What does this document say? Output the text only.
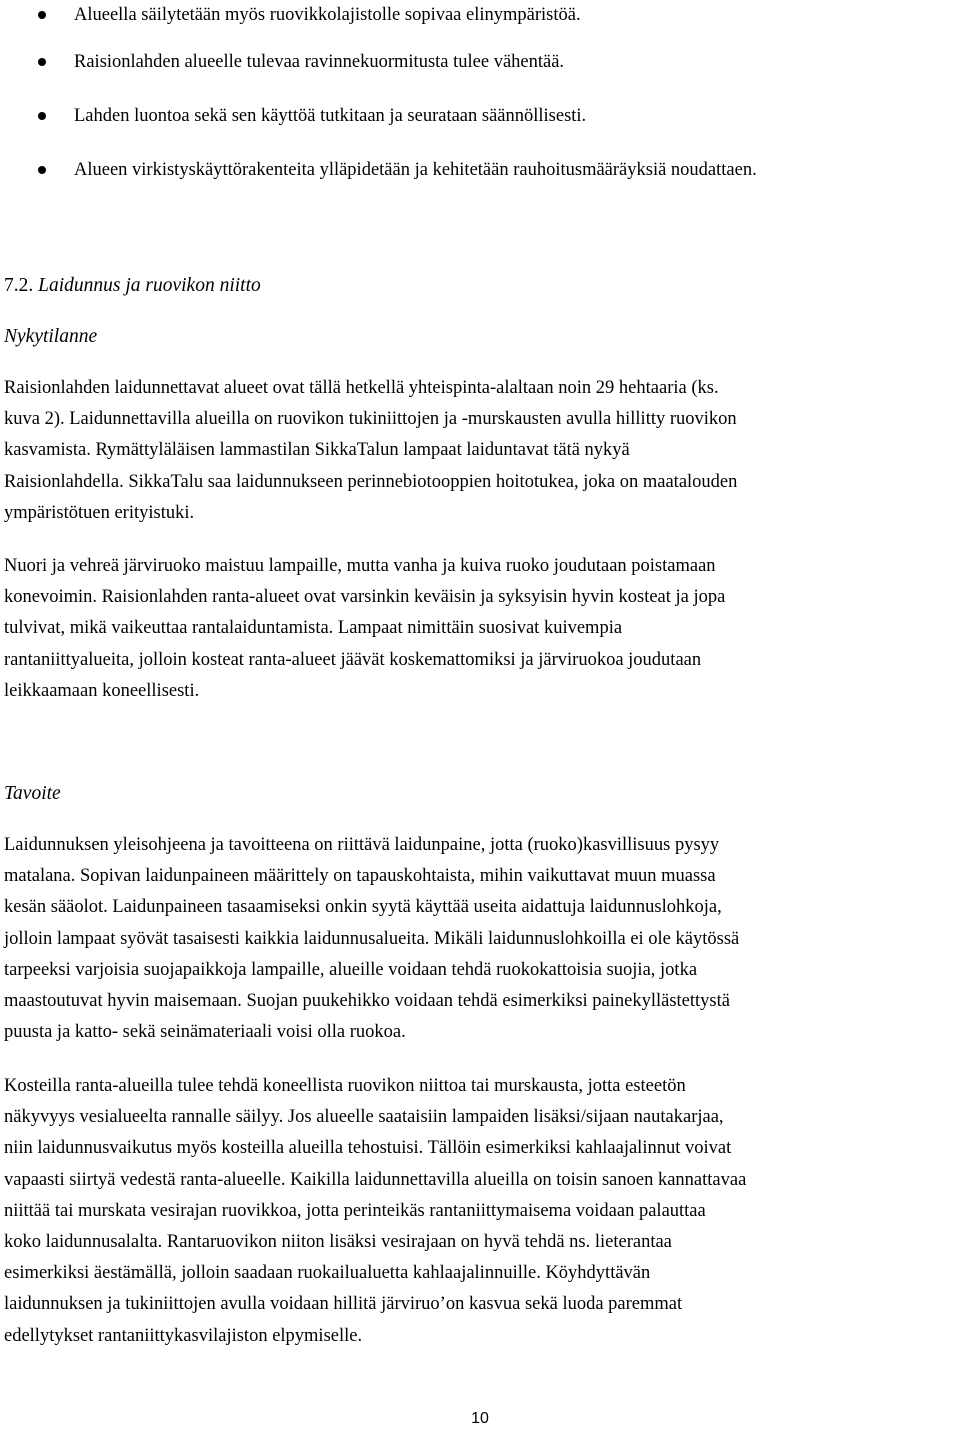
Alueella säilytetään myös ruovikkolajistolle sopivaa elinympäristöä.
Raisionlahden alueelle tulevaa ravinnekuormitusta tulee vähentää.
Lahden luontoa sekä sen käyttöä tutkitaan ja seurataan säännöllisesti.
Alueen virkistyskäyttörakenteita ylläpidetään ja kehitetään rauhoitusmääräyksiä noudattaen.
7.2. Laidunnus ja ruovikon niitto
Nykytilanne

Raisionlahden laidunnettavat alueet ovat tällä hetkellä yhteispinta-alaltaan noin 29 hehtaaria (ks.
kuva 2). Laidunnettavilla alueilla on ruovikon tukiniittojen ja -murskausten avulla hillitty ruovikon
kasvamista. Rymättyläläisen lammastilan SikkaTalun lampaat laiduntavat tätä nykyä
Raisionlahdella. SikkaTalu saa laidunnukseen perinnebiotooppien hoitotukea, joka on maatalouden
ympäristötuen erityistuki.

Nuori ja vehreä järviruoko maistuu lampaille, mutta vanha ja kuiva ruoko joudutaan poistamaan
konevoimin. Raisionlahden ranta-alueet ovat varsinkin keväisin ja syksyisin hyvin kosteat ja jopa
tulvivat, mikä vaikeuttaa rantalaiduntamista. Lampaat nimittäin suosivat kuivempia
rantaniittyalueita, jolloin kosteat ranta-alueet jäävät koskemattomiksi ja järviruokoa joudutaan
leikkaamaan koneellisesti.

Tavoite

Laidunnuksen yleisohjeena ja tavoitteena on riittävä laidunpaine, jotta (ruoko)kasvillisuus pysyy
matalana. Sopivan laidunpaineen määrittely on tapauskohtaista, mihin vaikuttavat muun muassa
kesän sääolot. Laidunpaineen tasaamiseksi onkin syytä käyttää useita aidattuja laidunnuslohkoja,
jolloin lampaat syövät tasaisesti kaikkia laidunnusalueita. Mikäli laidunnuslohkoilla ei ole käytössä
tarpeeksi varjoisia suojapaikkoja lampaille, alueille voidaan tehdä ruokokattoisia suojia, jotka
maastoutuvat hyvin maisemaan. Suojan puukehikko voidaan tehdä esimerkiksi painekyllästettystä
puusta ja katto- sekä seinämateriaali voisi olla ruokoa.

Kosteilla ranta-alueilla tulee tehdä koneellista ruovikon niittoa tai murskausta, jotta esteetön
näkyvyys vesialueelta rannalle säilyy. Jos alueelle saataisiin lampaiden lisäksi/sijaan nautakarjaa,
niin laidunnusvaikutus myös kosteilla alueilla tehostuisi. Tällöin esimerkiksi kahlaajalinnut voivat
vapaasti siirtyä vedestä ranta-alueelle. Kaikilla laidunnettavilla alueilla on toisin sanoen kannattavaa
niittää tai murskata vesirajan ruovikkoa, jotta perinteikäs rantaniittymaisema voidaan palauttaa
koko laidunnusalalta. Rantaruovikon niiton lisäksi vesirajaan on hyvä tehdä ns. lieterantaa
esimerkiksi äestämällä, jolloin saadaan ruokailualuetta kahlaajalinnuille. Köyhdyttävän
laidunnuksen ja tukiniittojen avulla voidaan hillitä järviruo’on kasvua sekä luoda paremmat
edellytykset rantaniittykasvilajiston elpymiselle.

10
